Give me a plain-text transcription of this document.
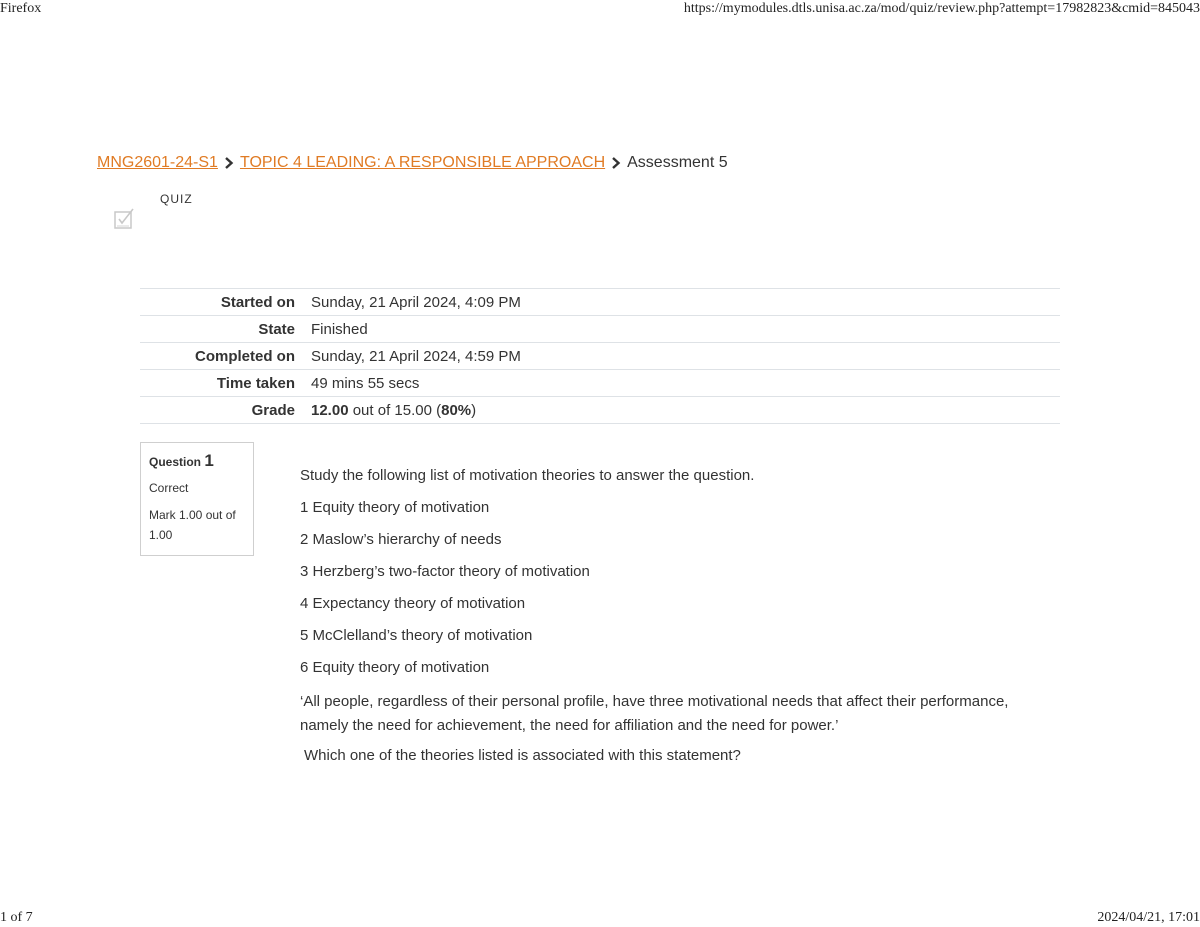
Firefox	https://mymodules.dtls.unisa.ac.za/mod/quiz/review.php?attempt=17982823&cmid=845043
MNG2601-24-S1 TOPIC 4 LEADING: A RESPONSIBLE APPROACH Assessment 5
QUIZ
Started on	Sunday, 21 April 2024, 4:09 PM
State	Finished
Completed on	Sunday, 21 April 2024, 4:59 PM
Time taken	49 mins 55 secs
Grade	12.00 out of 15.00 (80%)
Question 1
Correct
Mark 1.00 out of 1.00

Study the following list of motivation theories to answer the question.

1 Equity theory of motivation

2 Maslow’s hierarchy of needs

3 Herzberg’s two-factor theory of motivation

4 Expectancy theory of motivation

5 McClelland’s theory of motivation

6 Equity theory of motivation

‘All people, regardless of their personal profile, have three motivational needs that affect their performance, namely the need for achievement, the need for affiliation and the need for power.’

Which one of the theories listed is associated with this statement?

1 of 7	2024/04/21, 17:01
